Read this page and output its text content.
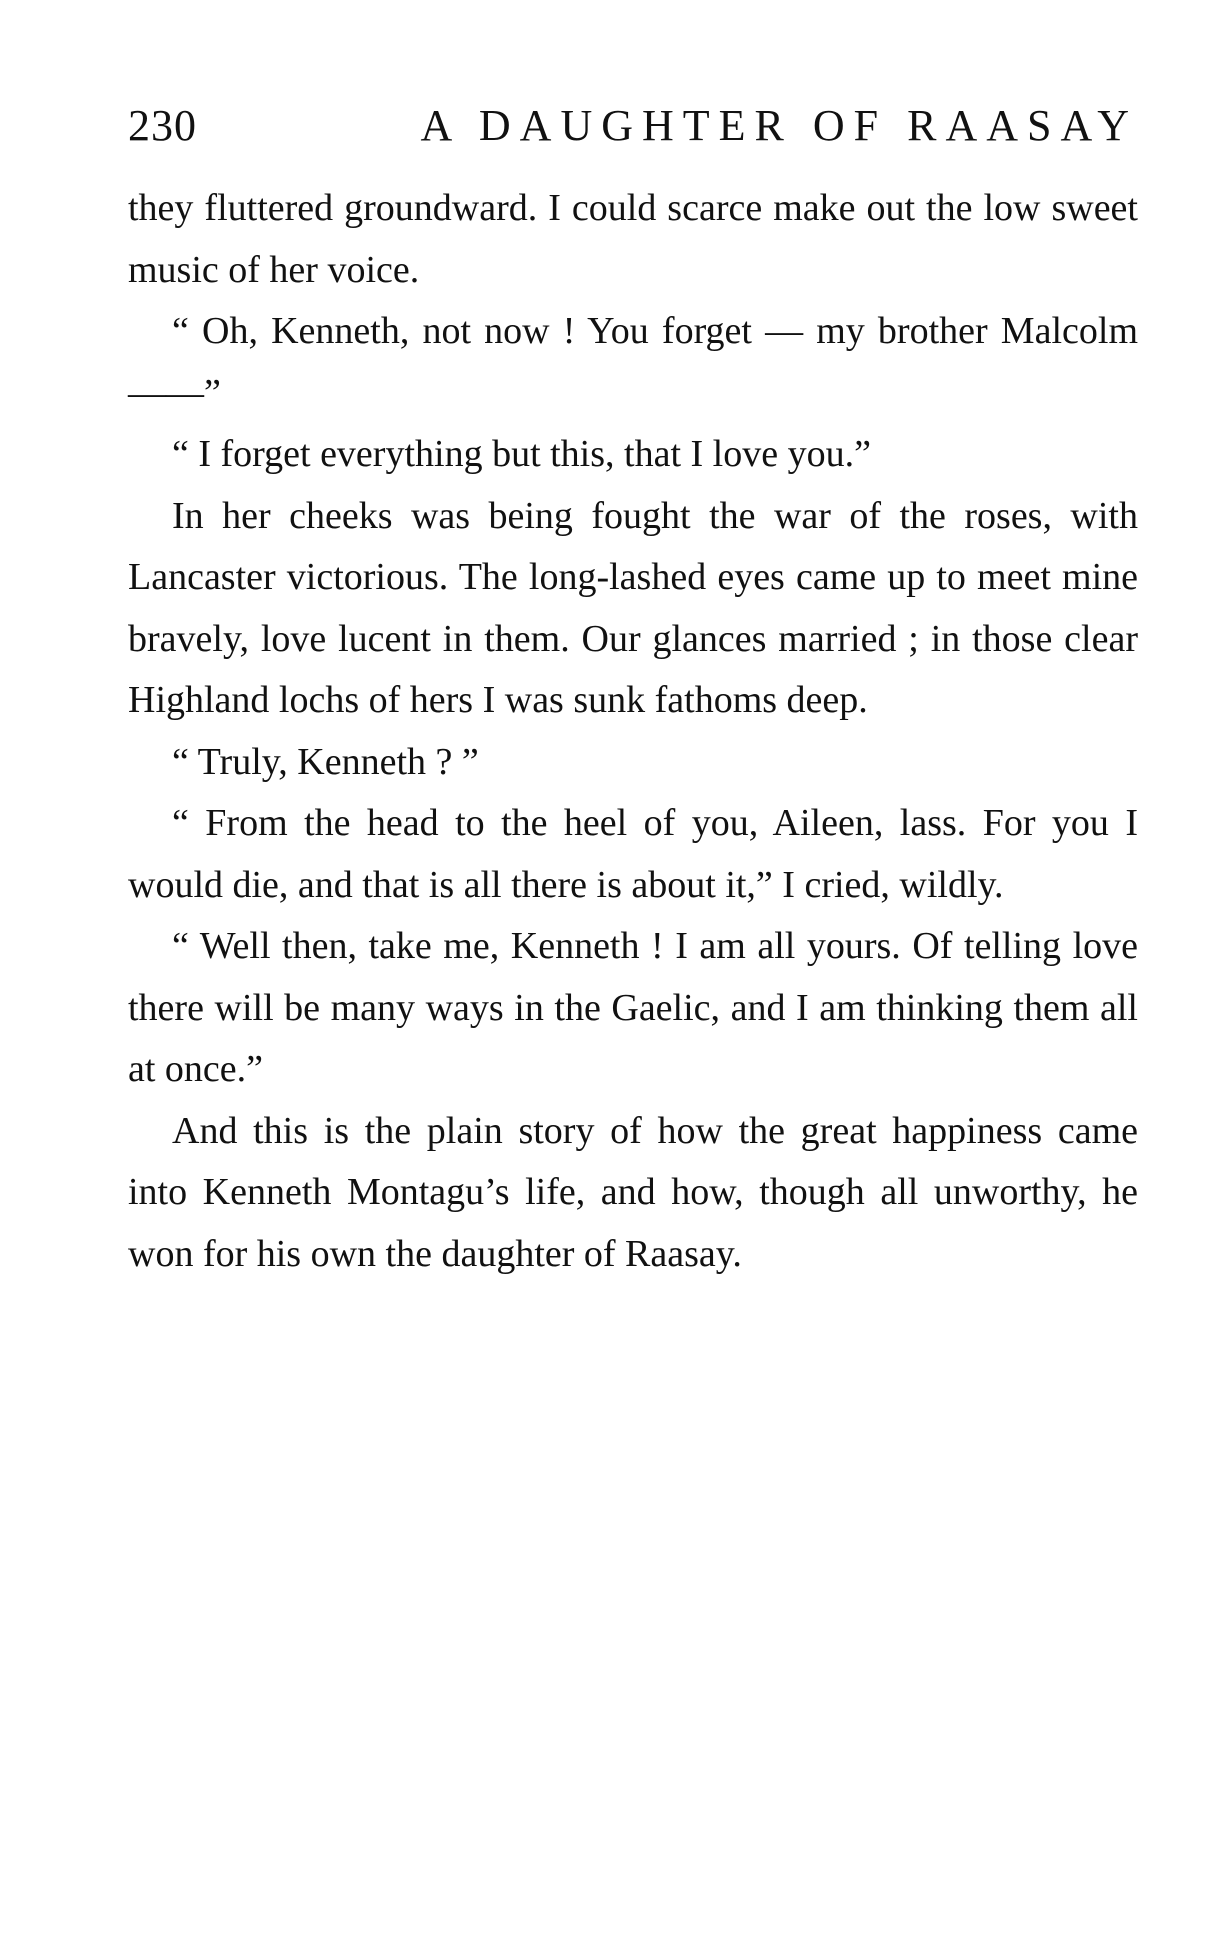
230	A DAUGHTER OF RAASAY

they fluttered groundward. I could scarce make out the low sweet music of her voice.

“ Oh, Kenneth, not now ! You forget — my brother Malcolm ——”

“ I forget everything but this, that I love you.”

In her cheeks was being fought the war of the roses, with Lancaster victorious. The long-lashed eyes came up to meet mine bravely, love lucent in them. Our glances married ; in those clear Highland lochs of hers I was sunk fathoms deep.

“ Truly, Kenneth ? ”

“ From the head to the heel of you, Aileen, lass. For you I would die, and that is all there is about it,” I cried, wildly.

“ Well then, take me, Kenneth ! I am all yours. Of telling love there will be many ways in the Gaelic, and I am thinking them all at once.”

And this is the plain story of how the great happiness came into Kenneth Montagu’s life, and how, though all unworthy, he won for his own the daughter of Raasay.
